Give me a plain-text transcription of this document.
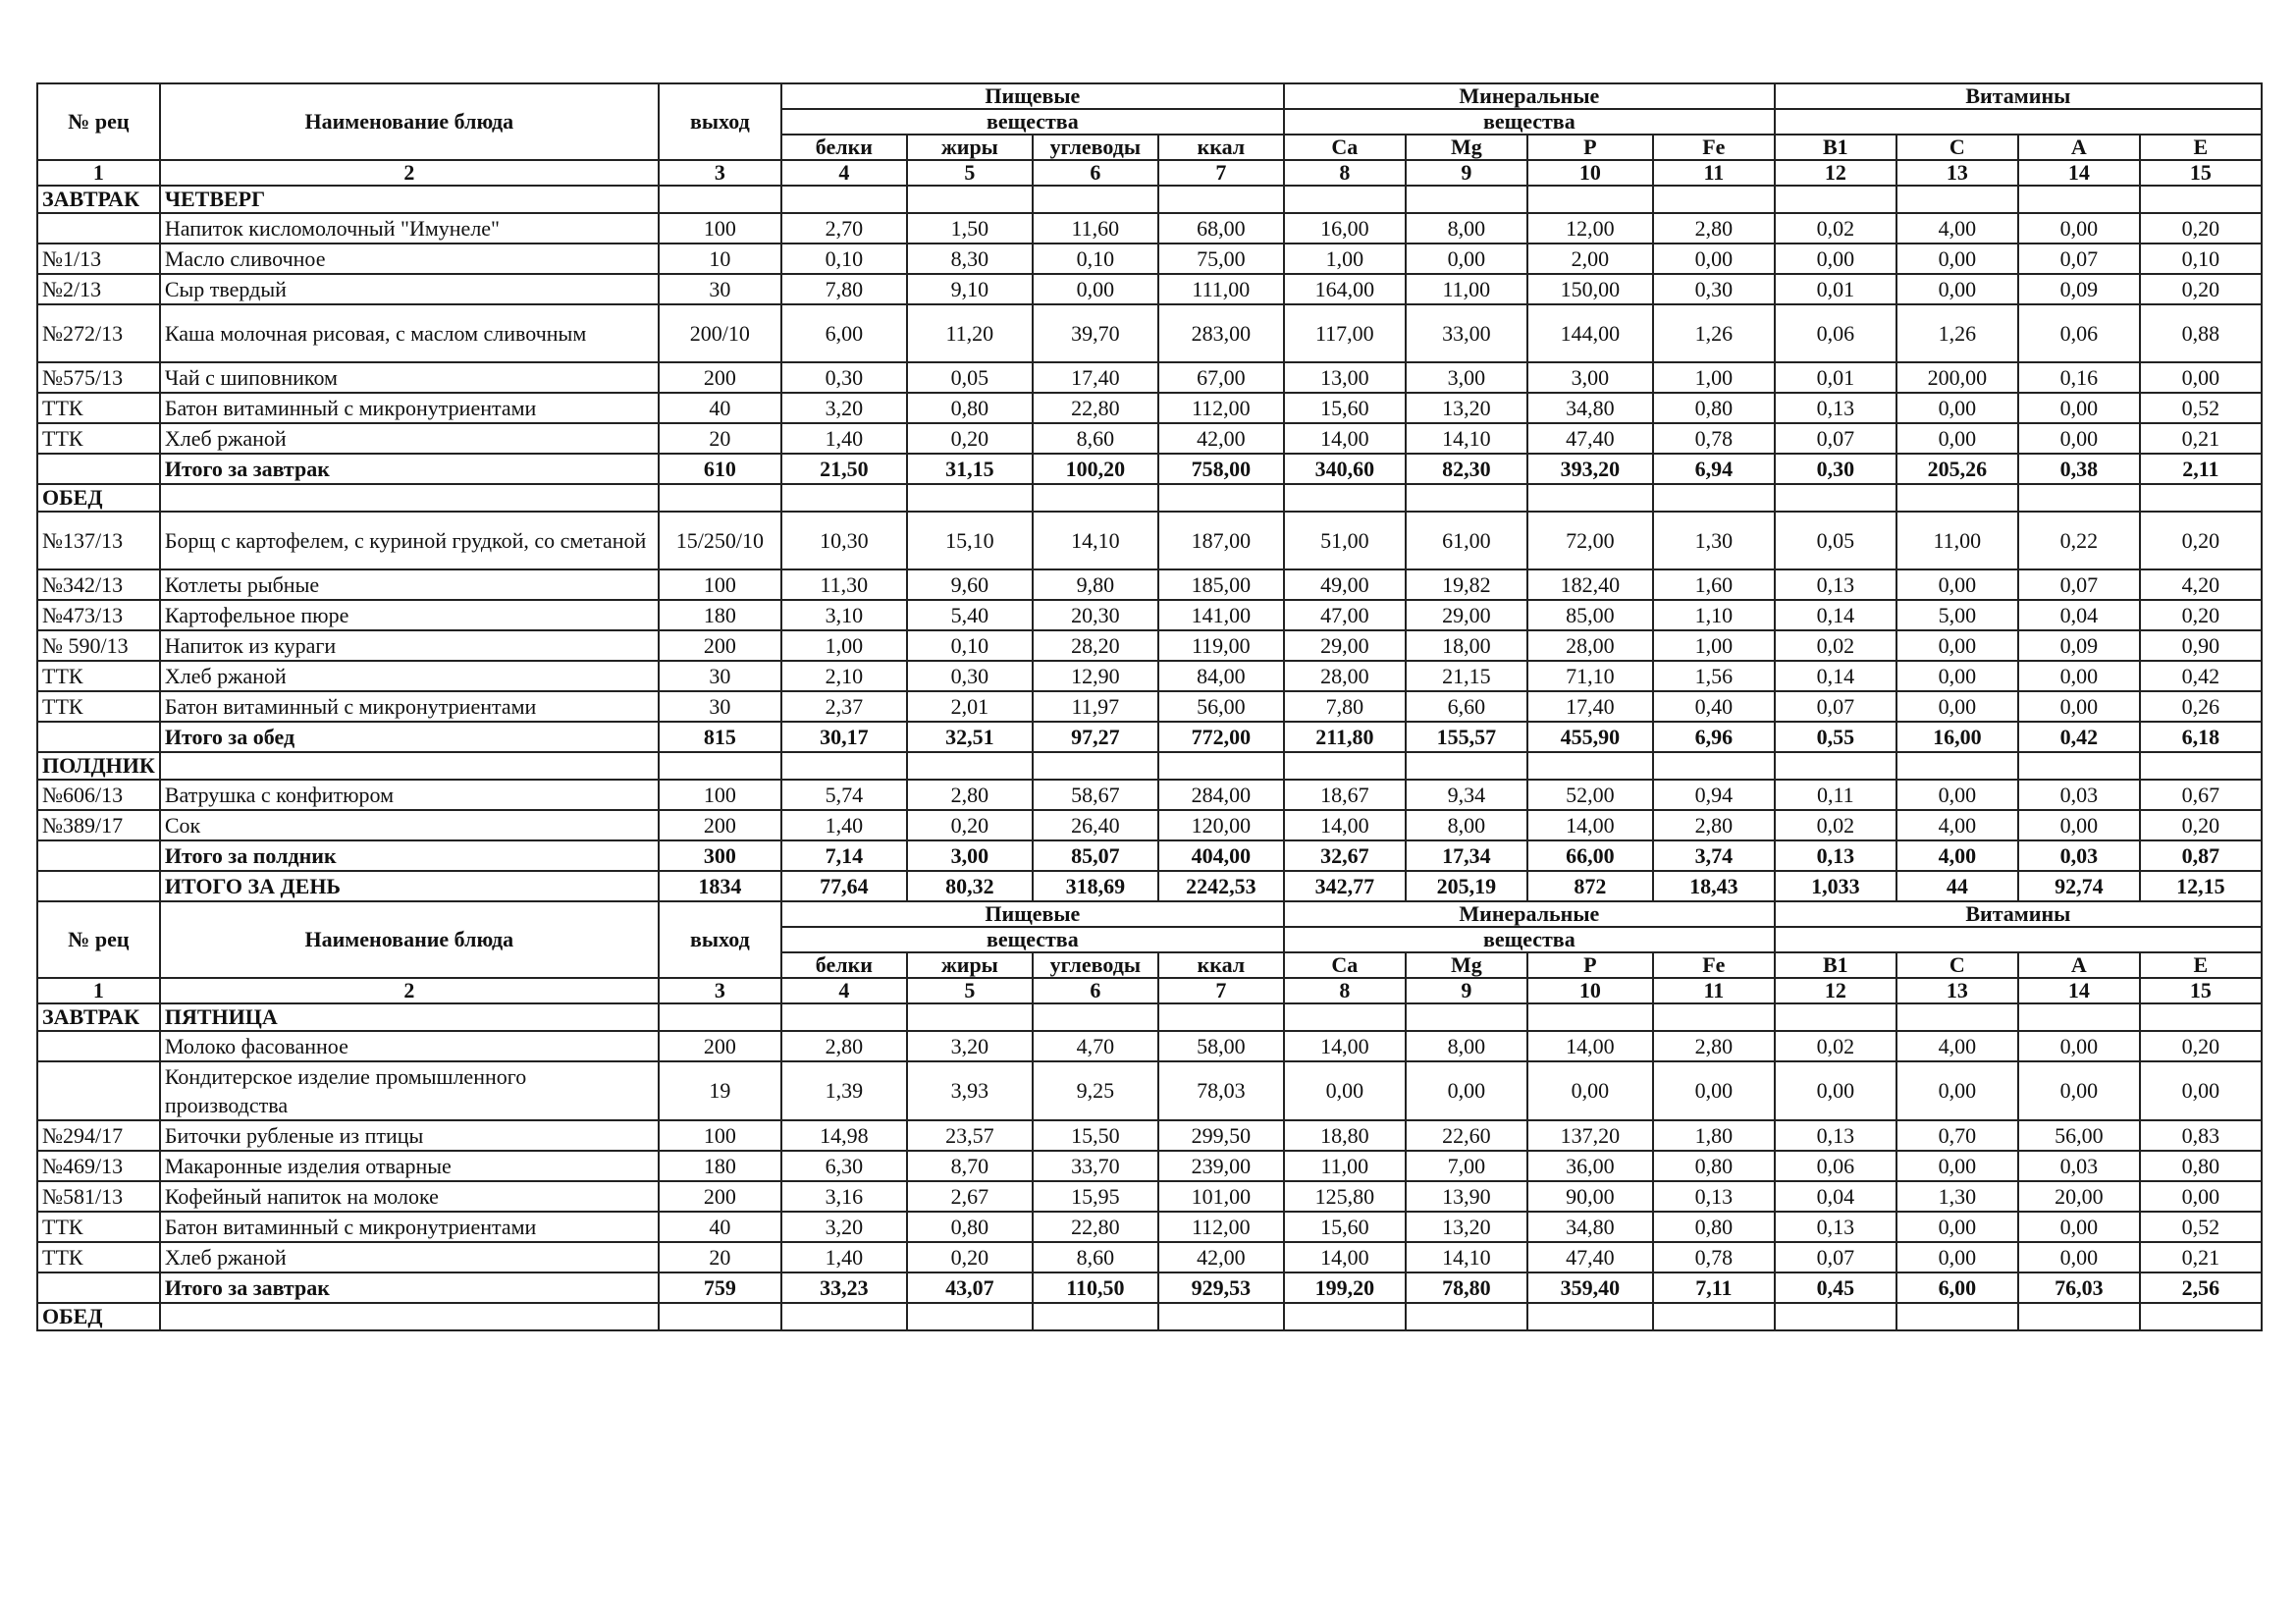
№ рец	Наименование блюда	выход	Пищевые				Минеральные				Витамины			
			вещества				вещества							
			белки	жиры	углеводы	ккал	Ca	Mg	P	Fe	B1	C	A	E
1	2	3	4	5	6	7	8	9	10	11	12	13	14	15
ЗАВТРАК	ЧЕТВЕРГ													
	Напиток кисломолочный "Имунеле"	100	2,70	1,50	11,60	68,00	16,00	8,00	12,00	2,80	0,02	4,00	0,00	0,20
№1/13	Масло сливочное	10	0,10	8,30	0,10	75,00	1,00	0,00	2,00	0,00	0,00	0,00	0,07	0,10
№2/13	Сыр твердый	30	7,80	9,10	0,00	111,00	164,00	11,00	150,00	0,30	0,01	0,00	0,09	0,20
№272/13	Каша молочная рисовая, с маслом сливочным	200/10	6,00	11,20	39,70	283,00	117,00	33,00	144,00	1,26	0,06	1,26	0,06	0,88
№575/13	Чай с шиповником	200	0,30	0,05	17,40	67,00	13,00	3,00	3,00	1,00	0,01	200,00	0,16	0,00
ТТК	Батон витаминный с микронутриентами	40	3,20	0,80	22,80	112,00	15,60	13,20	34,80	0,80	0,13	0,00	0,00	0,52
ТТК	Хлеб ржаной	20	1,40	0,20	8,60	42,00	14,00	14,10	47,40	0,78	0,07	0,00	0,00	0,21
	Итого за завтрак	610	21,50	31,15	100,20	758,00	340,60	82,30	393,20	6,94	0,30	205,26	0,38	2,11
ОБЕД														
№137/13	Борщ с картофелем, с куриной грудкой, со сметаной	15/250/10	10,30	15,10	14,10	187,00	51,00	61,00	72,00	1,30	0,05	11,00	0,22	0,20
№342/13	Котлеты рыбные	100	11,30	9,60	9,80	185,00	49,00	19,82	182,40	1,60	0,13	0,00	0,07	4,20
№473/13	Картофельное пюре	180	3,10	5,40	20,30	141,00	47,00	29,00	85,00	1,10	0,14	5,00	0,04	0,20
№ 590/13	Напиток из кураги	200	1,00	0,10	28,20	119,00	29,00	18,00	28,00	1,00	0,02	0,00	0,09	0,90
ТТК	Хлеб ржаной	30	2,10	0,30	12,90	84,00	28,00	21,15	71,10	1,56	0,14	0,00	0,00	0,42
ТТК	Батон витаминный с микронутриентами	30	2,37	2,01	11,97	56,00	7,80	6,60	17,40	0,40	0,07	0,00	0,00	0,26
	Итого за обед	815	30,17	32,51	97,27	772,00	211,80	155,57	455,90	6,96	0,55	16,00	0,42	6,18
ПОЛДНИК														
№606/13	Ватрушка с конфитюром	100	5,74	2,80	58,67	284,00	18,67	9,34	52,00	0,94	0,11	0,00	0,03	0,67
№389/17	Сок	200	1,40	0,20	26,40	120,00	14,00	8,00	14,00	2,80	0,02	4,00	0,00	0,20
	Итого за полдник	300	7,14	3,00	85,07	404,00	32,67	17,34	66,00	3,74	0,13	4,00	0,03	0,87
	ИТОГО ЗА ДЕНЬ	1834	77,64	80,32	318,69	2242,53	342,77	205,19	872	18,43	1,033	44	92,74	12,15
№ рец	Наименование блюда	выход	Пищевые				Минеральные				Витамины			
			вещества				вещества							
			белки	жиры	углеводы	ккал	Ca	Mg	P	Fe	B1	C	A	E
1	2	3	4	5	6	7	8	9	10	11	12	13	14	15
ЗАВТРАК	ПЯТНИЦА													
	Молоко фасованное	200	2,80	3,20	4,70	58,00	14,00	8,00	14,00	2,80	0,02	4,00	0,00	0,20
	Кондитерское изделие промышленного производства	19	1,39	3,93	9,25	78,03	0,00	0,00	0,00	0,00	0,00	0,00	0,00	0,00
№294/17	Биточки рубленые из птицы	100	14,98	23,57	15,50	299,50	18,80	22,60	137,20	1,80	0,13	0,70	56,00	0,83
№469/13	Макаронные изделия отварные	180	6,30	8,70	33,70	239,00	11,00	7,00	36,00	0,80	0,06	0,00	0,03	0,80
№581/13	Кофейный напиток на молоке	200	3,16	2,67	15,95	101,00	125,80	13,90	90,00	0,13	0,04	1,30	20,00	0,00
ТТК	Батон витаминный с микронутриентами	40	3,20	0,80	22,80	112,00	15,60	13,20	34,80	0,80	0,13	0,00	0,00	0,52
ТТК	Хлеб ржаной	20	1,40	0,20	8,60	42,00	14,00	14,10	47,40	0,78	0,07	0,00	0,00	0,21
	Итого за завтрак	759	33,23	43,07	110,50	929,53	199,20	78,80	359,40	7,11	0,45	6,00	76,03	2,56
ОБЕД														
